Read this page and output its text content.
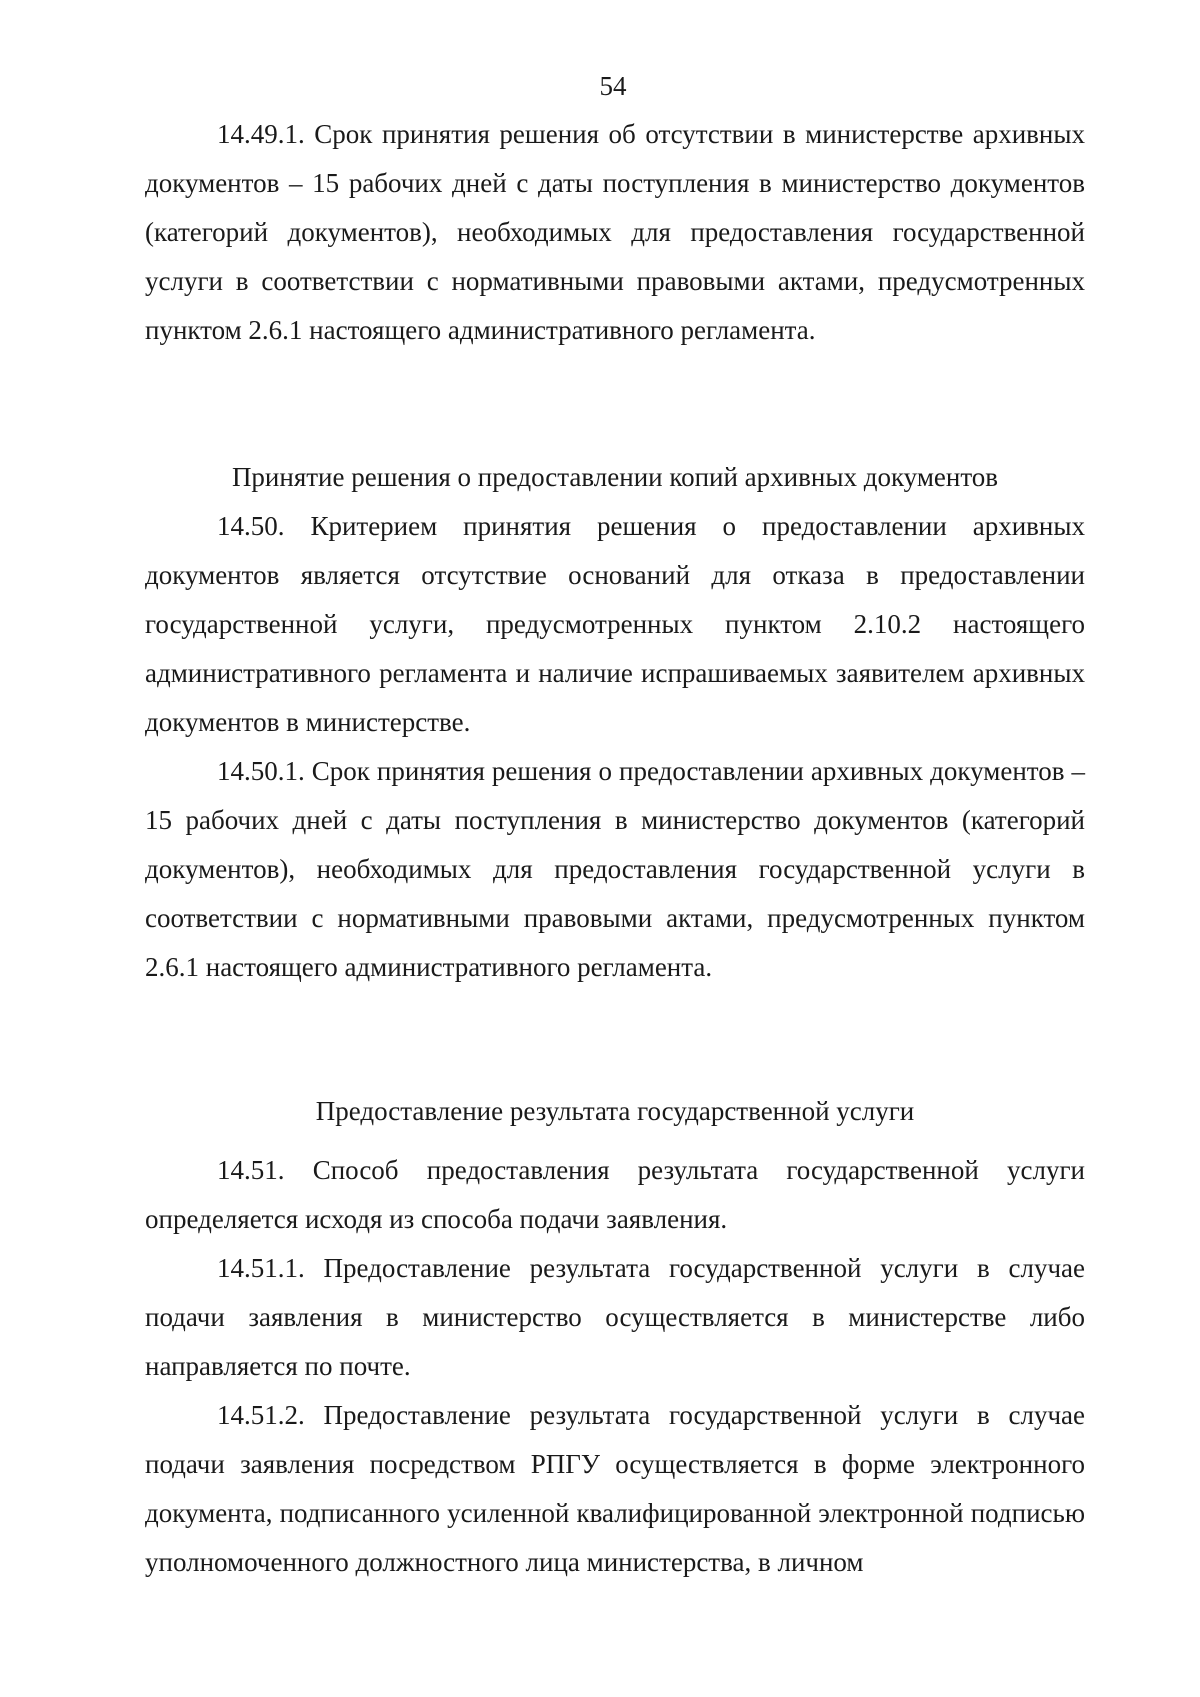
54

14.49.1. Срок принятия решения об отсутствии в министерстве архивных документов – 15 рабочих дней с даты поступления в министерство документов (категорий документов), необходимых для предоставления государственной услуги в соответствии с нормативными правовыми актами, предусмотренных пунктом 2.6.1 настоящего административного регламента.

Принятие решения о предоставлении копий архивных документов

14.50. Критерием принятия решения о предоставлении архивных документов является отсутствие оснований для отказа в предоставлении государственной услуги, предусмотренных пунктом 2.10.2 настоящего административного регламента и наличие испрашиваемых заявителем архивных документов в министерстве.

14.50.1. Срок принятия решения о предоставлении архивных документов – 15 рабочих дней с даты поступления в министерство документов (категорий документов), необходимых для предоставления государственной услуги в соответствии с нормативными правовыми актами, предусмотренных пунктом 2.6.1 настоящего административного регламента.

Предоставление результата государственной услуги

14.51. Способ предоставления результата государственной услуги определяется исходя из способа подачи заявления.

14.51.1. Предоставление результата государственной услуги в случае подачи заявления в министерство осуществляется в министерстве либо направляется по почте.

14.51.2. Предоставление результата государственной услуги в случае подачи заявления посредством РПГУ осуществляется в форме электронного документа, подписанного усиленной квалифицированной электронной подписью уполномоченного должностного лица министерства, в личном
